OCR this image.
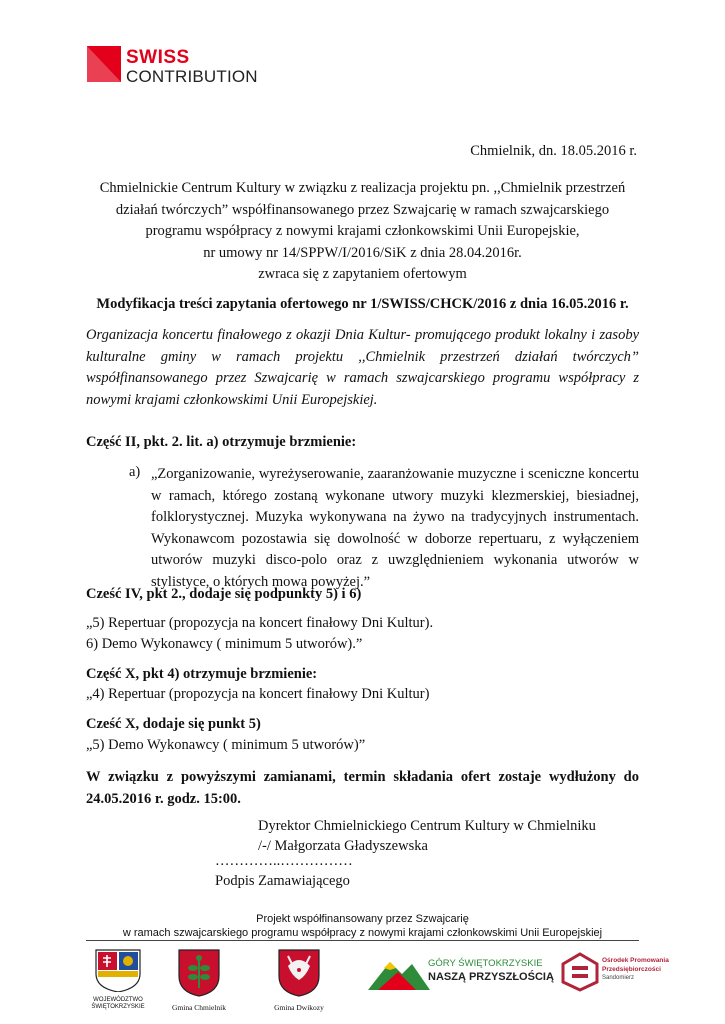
SWISS
CONTRIBUTION
Chmielnik, dn. 18.05.2016 r.
Chmielnickie Centrum Kultury w związku z realizacja projektu pn. ,,Chmielnik przestrzeń
działań twórczych” współfinansowanego przez Szwajcarię w ramach szwajcarskiego
programu współpracy z nowymi krajami członkowskimi Unii Europejskie,
nr umowy nr 14/SPPW/I/2016/SiK z dnia 28.04.2016r.
zwraca się z zapytaniem ofertowym
Modyfikacja treści zapytania ofertowego nr 1/SWISS/CHCK/2016 z dnia 16.05.2016 r.
Organizacja koncertu finałowego z okazji Dnia Kultur- promującego produkt lokalny i zasoby kulturalne gminy w ramach projektu ,,Chmielnik przestrzeń działań twórczych” współfinansowanego przez Szwajcarię w ramach szwajcarskiego programu współpracy z nowymi krajami członkowskimi Unii Europejskiej.
Część II, pkt. 2. lit. a) otrzymuje brzmienie:
a) „Zorganizowanie, wyreżyserowanie, zaaranżowanie muzyczne i sceniczne koncertu w ramach, którego zostaną wykonane utwory muzyki klezmerskiej, biesiadnej, folklorystycznej. Muzyka wykonywana na żywo na tradycyjnych instrumentach. Wykonawcom pozostawia się dowolność w doborze repertuaru, z wyłączeniem utworów muzyki disco-polo oraz z uwzględnieniem wykonania utworów w stylistyce, o których mowa powyżej.”
Cześć IV, pkt 2., dodaje się podpunkty 5) i 6)
„5) Repertuar (propozycja na koncert finałowy Dni Kultur).
6) Demo Wykonawcy ( minimum 5 utworów).”
Część X, pkt 4) otrzymuje brzmienie:
„4) Repertuar (propozycja na koncert finałowy Dni Kultur)
Cześć X, dodaje się punkt 5)
„5) Demo Wykonawcy ( minimum 5 utworów)”
W związku z powyższymi zamianami, termin składania ofert zostaje wydłużony do 24.05.2016 r. godz. 15:00.
Dyrektor Chmielnickiego Centrum Kultury w Chmielniku
/-/ Małgorzata Gładyszewska
…………..……………
Podpis Zamawiającego
Projekt współfinansowany przez Szwajcarię
w ramach szwajcarskiego programu współpracy z nowymi krajami członkowskimi Unii Europejskiej
WOJEWÓDZTWO
ŚWIĘTOKRZYSKIE	Gmina Chmielnik	Gmina Dwikozy
GÓRY ŚWIĘTOKRZYSKIE
NASZĄ PRZYSZŁOŚCIĄ
Ośrodek Promowania
Przedsiębiorczości
Sandomierz
